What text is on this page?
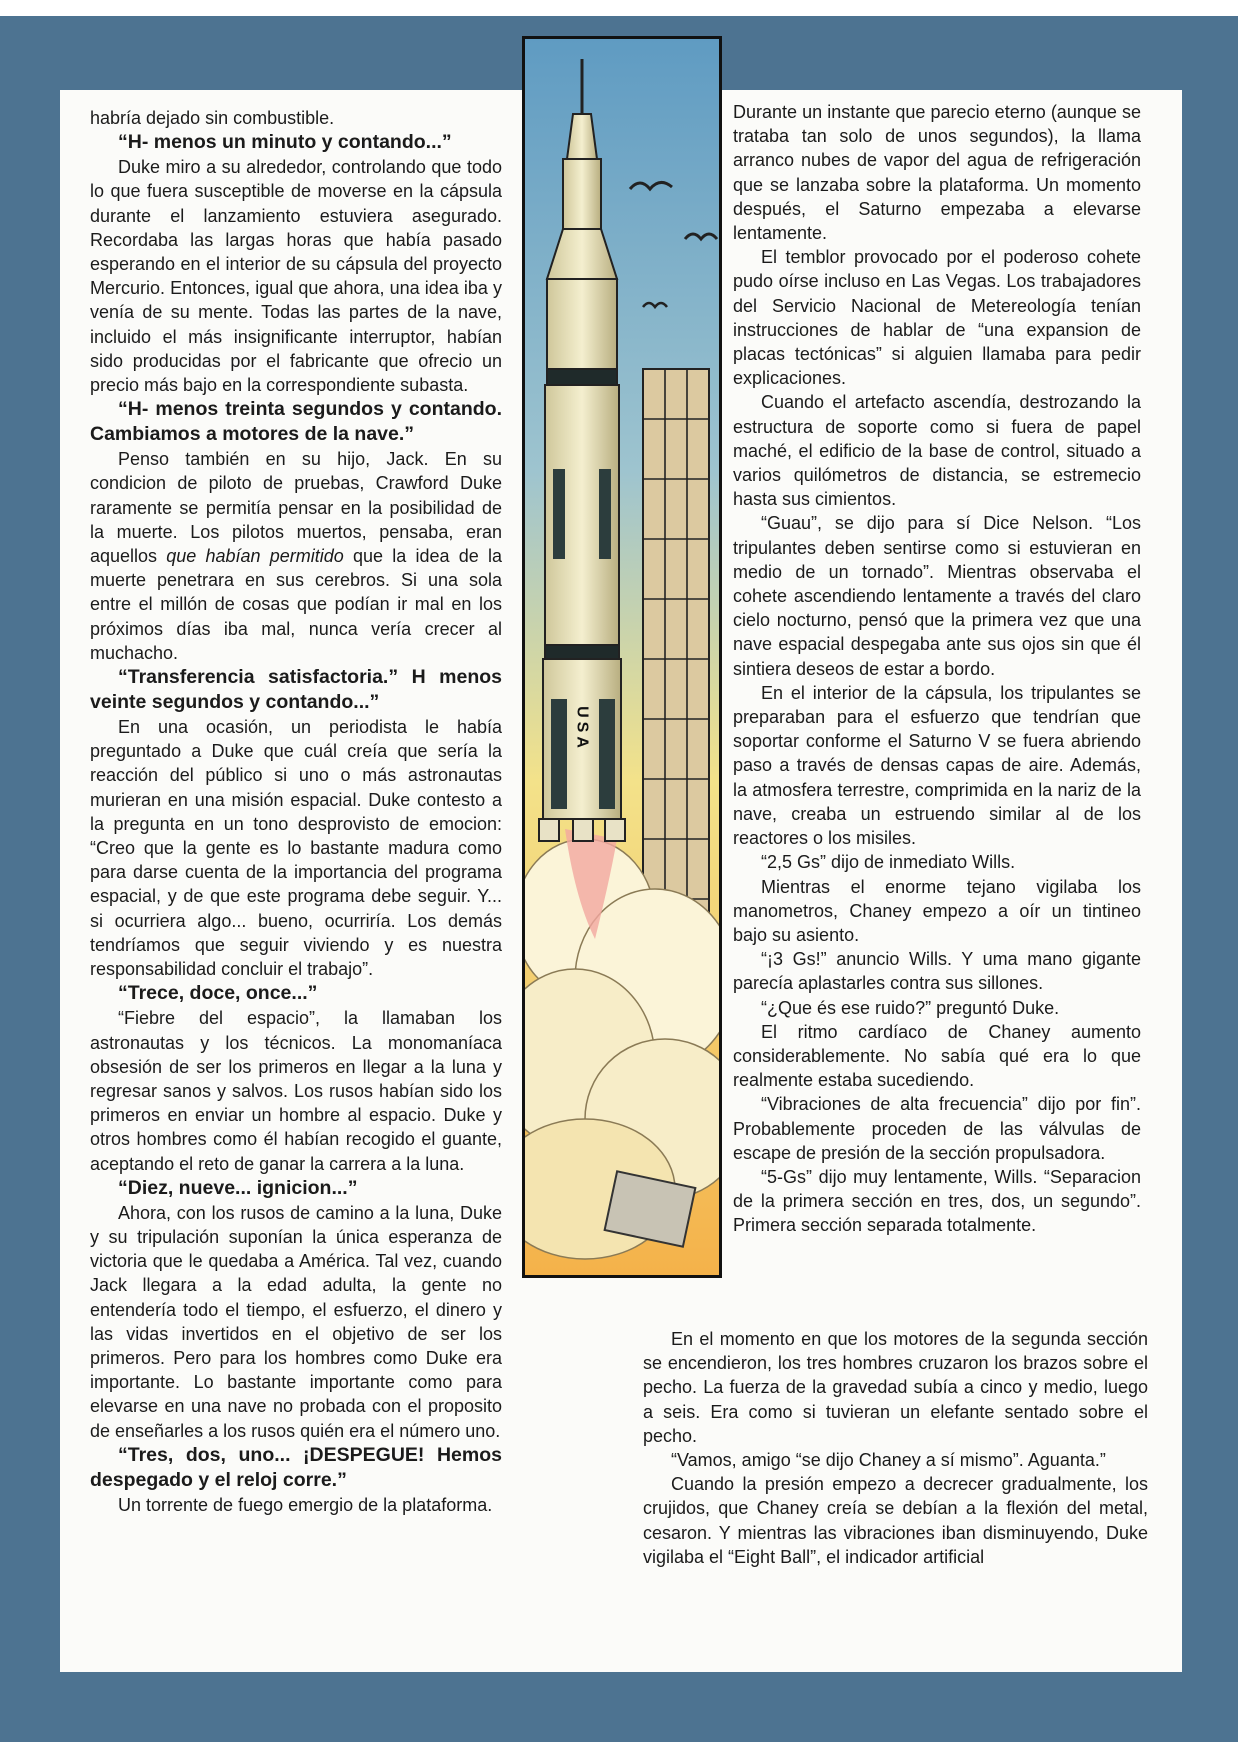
USA

habría dejado sin combustible.

“H- menos un minuto y contando...”

Duke miro a su alrededor, controlando que todo lo que fuera susceptible de moverse en la cápsula durante el lanzamiento estuviera asegurado. Recordaba las largas horas que había pasado esperando en el interior de su cápsula del proyecto Mercurio. Entonces, igual que ahora, una idea iba y venía de su mente. Todas las partes de la nave, incluido el más insignificante interruptor, habían sido producidas por el fabricante que ofrecio un precio más bajo en la correspondiente subasta.

“H- menos treinta segundos y contando. Cambiamos a motores de la nave.”

Penso también en su hijo, Jack. En su condicion de piloto de pruebas, Crawford Duke raramente se permitía pensar en la posibilidad de la muerte. Los pilotos muertos, pensaba, eran aquellos que habían permitido que la idea de la muerte penetrara en sus cerebros. Si una sola entre el millón de cosas que podían ir mal en los próximos días iba mal, nunca vería crecer al muchacho.

“Transferencia satisfactoria.” H menos veinte segundos y contando...”

En una ocasión, un periodista le había preguntado a Duke que cuál creía que sería la reacción del público si uno o más astronautas murieran en una misión espacial. Duke contesto a la pregunta en un tono desprovisto de emocion: “Creo que la gente es lo bastante madura como para darse cuenta de la importancia del programa espacial, y de que este programa debe seguir. Y... si ocurriera algo... bueno, ocurriría. Los demás tendríamos que seguir viviendo y es nuestra responsabilidad concluir el trabajo”.

“Trece, doce, once...”

“Fiebre del espacio”, la llamaban los astronautas y los técnicos. La monomaníaca obsesión de ser los primeros en llegar a la luna y regresar sanos y salvos. Los rusos habían sido los primeros en enviar un hombre al espacio. Duke y otros hombres como él habían recogido el guante, aceptando el reto de ganar la carrera a la luna.

“Diez, nueve... ignicion...”

Ahora, con los rusos de camino a la luna, Duke y su tripulación suponían la única esperanza de victoria que le quedaba a América. Tal vez, cuando Jack llegara a la edad adulta, la gente no entendería todo el tiempo, el esfuerzo, el dinero y las vidas invertidos en el objetivo de ser los primeros. Pero para los hombres como Duke era importante. Lo bastante importante como para elevarse en una nave no probada con el proposito de enseñarles a los rusos quién era el número uno.

“Tres, dos, uno... ¡DESPEGUE! Hemos despegado y el reloj corre.”

Un torrente de fuego emergio de la plataforma.

Durante un instante que parecio eterno (aunque se trataba tan solo de unos segundos), la llama arranco nubes de vapor del agua de refrigeración que se lanzaba sobre la plataforma. Un momento después, el Saturno empezaba a elevarse lentamente.

El temblor provocado por el poderoso cohete pudo oírse incluso en Las Vegas. Los trabajadores del Servicio Nacional de Metereología tenían instrucciones de hablar de “una expansion de placas tectónicas” si alguien llamaba para pedir explicaciones.

Cuando el artefacto ascendía, destrozando la estructura de soporte como si fuera de papel maché, el edificio de la base de control, situado a varios quilómetros de distancia, se estremecio hasta sus cimientos.

“Guau”, se dijo para sí Dice Nelson. “Los tripulantes deben sentirse como si estuvieran en medio de un tornado”. Mientras observaba el cohete ascendiendo lentamente a través del claro cielo nocturno, pensó que la primera vez que una nave espacial despegaba ante sus ojos sin que él sintiera deseos de estar a bordo.

En el interior de la cápsula, los tripulantes se preparaban para el esfuerzo que tendrían que soportar conforme el Saturno V se fuera abriendo paso a través de densas capas de aire. Además, la atmosfera terrestre, comprimida en la nariz de la nave, creaba un estruendo similar al de los reactores o los misiles.

“2,5 Gs” dijo de inmediato Wills.

Mientras el enorme tejano vigilaba los manometros, Chaney empezo a oír un tintineo bajo su asiento.

“¡3 Gs!” anuncio Wills. Y uma mano gigante parecía aplastarles contra sus sillones.

“¿Que és ese ruido?” preguntó Duke.

El ritmo cardíaco de Chaney aumento considerablemente. No sabía qué era lo que realmente estaba sucediendo.

“Vibraciones de alta frecuencia” dijo por fin”. Probablemente proceden de las válvulas de escape de presión de la sección propulsadora.

“5-Gs” dijo muy lentamente, Wills. “Separacion de la primera sección en tres, dos, un segundo”. Primera sección separada totalmente.

En el momento en que los motores de la segunda sección se encendieron, los tres hombres cruzaron los brazos sobre el pecho. La fuerza de la gravedad subía a cinco y medio, luego a seis. Era como si tuvieran un elefante sentado sobre el pecho.

“Vamos, amigo “se dijo Chaney a sí mismo”. Aguanta.”

Cuando la presión empezo a decrecer gradualmente, los crujidos, que Chaney creía se debían a la flexión del metal, cesaron. Y mientras las vibraciones iban disminuyendo, Duke vigilaba el “Eight Ball”, el indicador artificial
